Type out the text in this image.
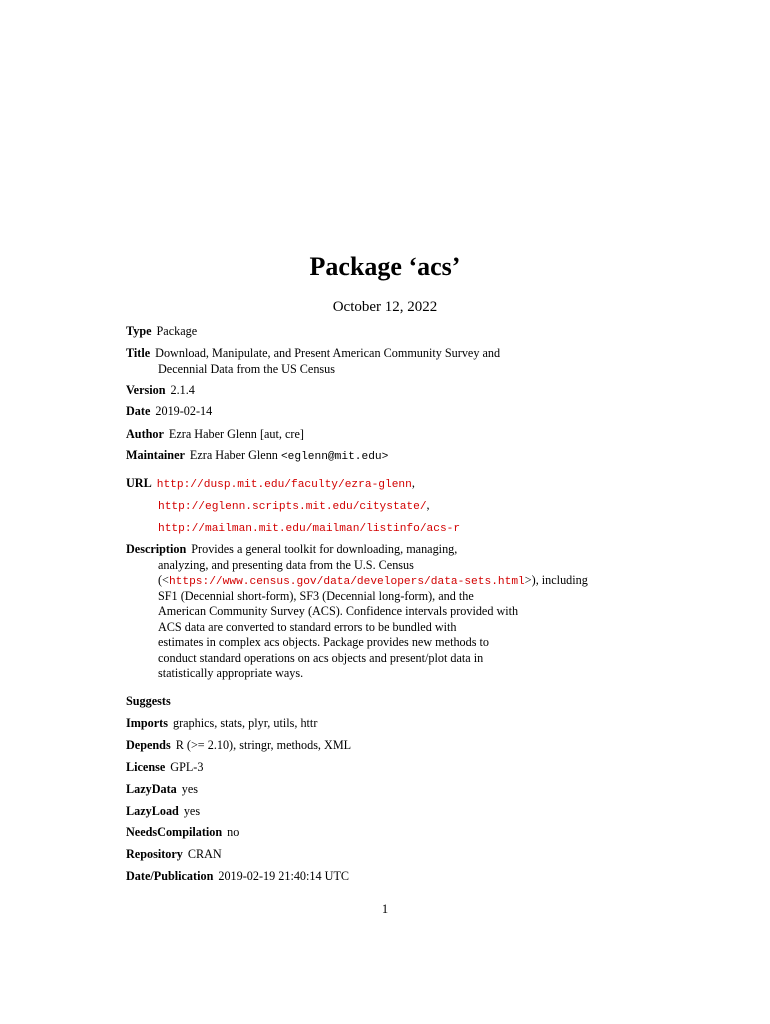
Package ‘acs’
October 12, 2022
Type Package
Title Download, Manipulate, and Present American Community Survey and
Decennial Data from the US Census
Version 2.1.4
Date 2019-02-14
Author Ezra Haber Glenn [aut, cre]
Maintainer Ezra Haber Glenn <eglenn@mit.edu>
URL http://dusp.mit.edu/faculty/ezra-glenn,
http://eglenn.scripts.mit.edu/citystate/,
http://mailman.mit.edu/mailman/listinfo/acs-r
Description Provides a general toolkit for downloading, managing,
analyzing, and presenting data from the U.S. Census
(<https://www.census.gov/data/developers/data-sets.html>), including
SF1 (Decennial short-form), SF3 (Decennial long-form), and the
American Community Survey (ACS). Confidence intervals provided with
ACS data are converted to standard errors to be bundled with
estimates in complex acs objects. Package provides new methods to
conduct standard operations on acs objects and present/plot data in
statistically appropriate ways.
Suggests
Imports graphics, stats, plyr, utils, httr
Depends R (>= 2.10), stringr, methods, XML
License GPL-3
LazyData yes
LazyLoad yes
NeedsCompilation no
Repository CRAN
Date/Publication 2019-02-19 21:40:14 UTC
1
